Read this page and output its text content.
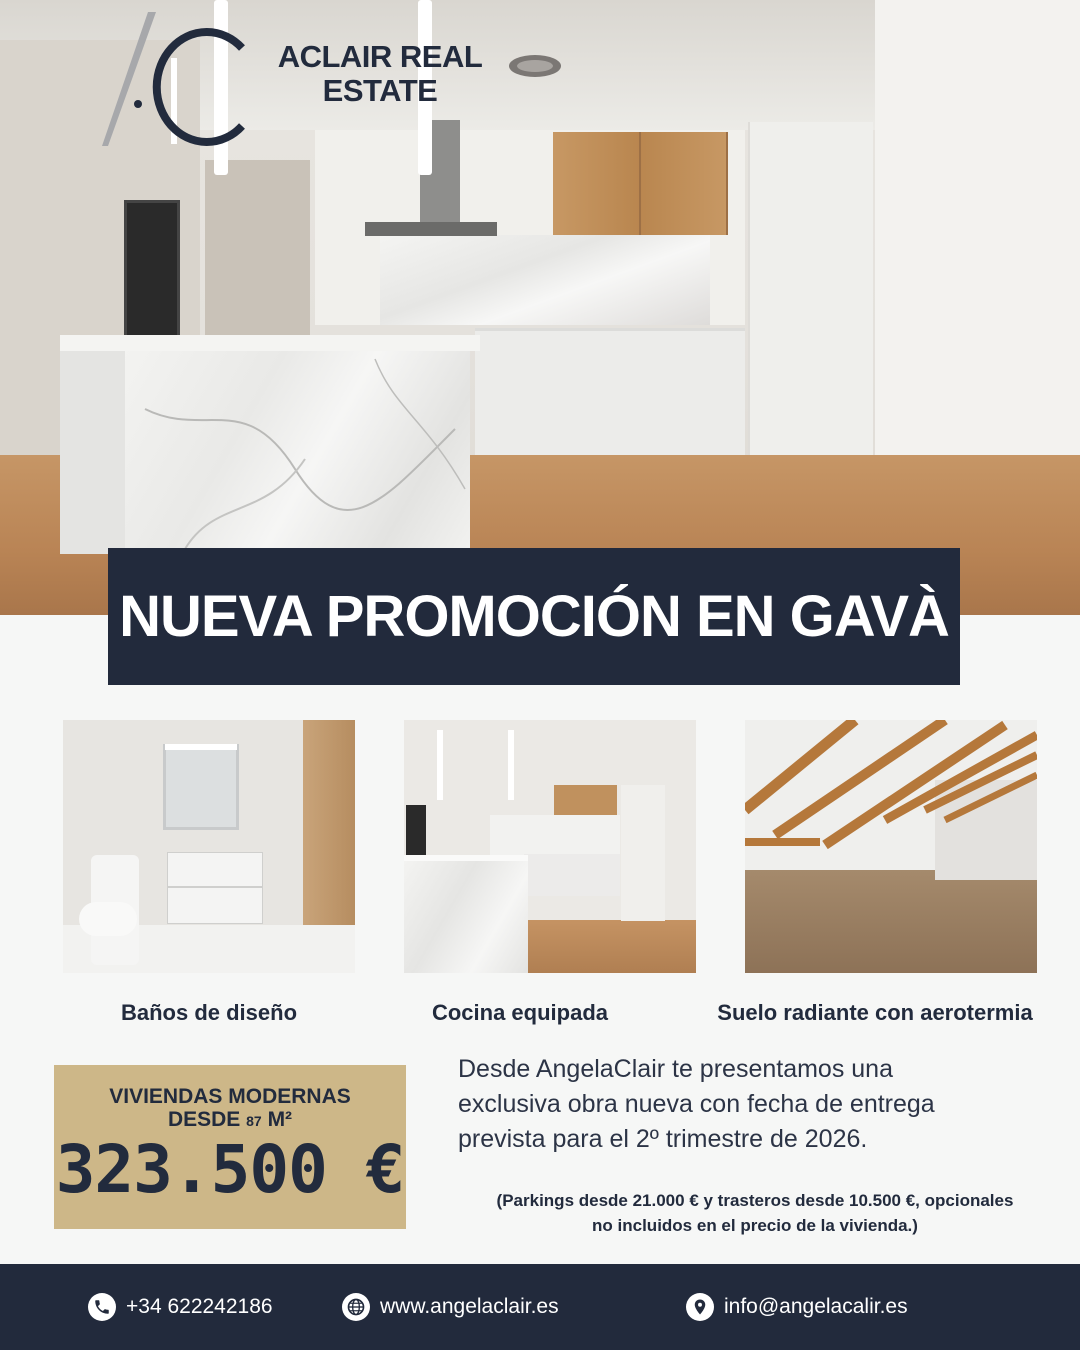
ACLAIR REAL
ESTATE
NUEVA PROMOCIÓN EN GAVÀ
Baños de diseño	Cocina equipada	Suelo radiante con aerotermia
VIVIENDAS MODERNAS
DESDE 87 M²
323.500 €
Desde AngelaClair te presentamos una
exclusiva obra nueva con fecha de entrega
prevista para el 2º trimestre de 2026.
(Parkings desde 21.000 € y trasteros desde 10.500 €, opcionales
no incluidos en el precio de la vivienda.)
+34 622242186	www.angelaclair.es	info@angelacalir.es
